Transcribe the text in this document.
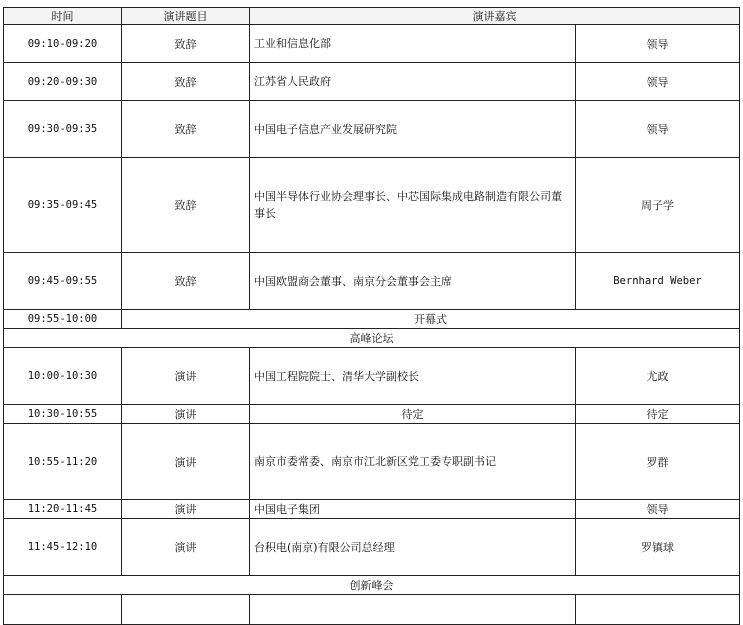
时间	演讲题目	演讲嘉宾	
09:10-09:20	致辞	工业和信息化部	领导
09:20-09:30	致辞	江苏省人民政府	领导
09:30-09:35	致辞	中国电子信息产业发展研究院	领导
09:35-09:45	致辞	中国半导体行业协会理事长、中芯国际集成电路制造有限公司董事长	周子学
09:45-09:55	致辞	中国欧盟商会董事、南京分会董事会主席	Bernhard Weber
09:55-10:00	开幕式		
高峰论坛			
10:00-10:30	演讲	中国工程院院士、清华大学副校长	尤政
10:30-10:55	演讲	待定	待定
10:55-11:20	演讲	南京市委常委、南京市江北新区党工委专职副书记	罗群
11:20-11:45	演讲	中国电子集团	领导
11:45-12:10	演讲	台积电(南京)有限公司总经理	罗镇球
创新峰会			
